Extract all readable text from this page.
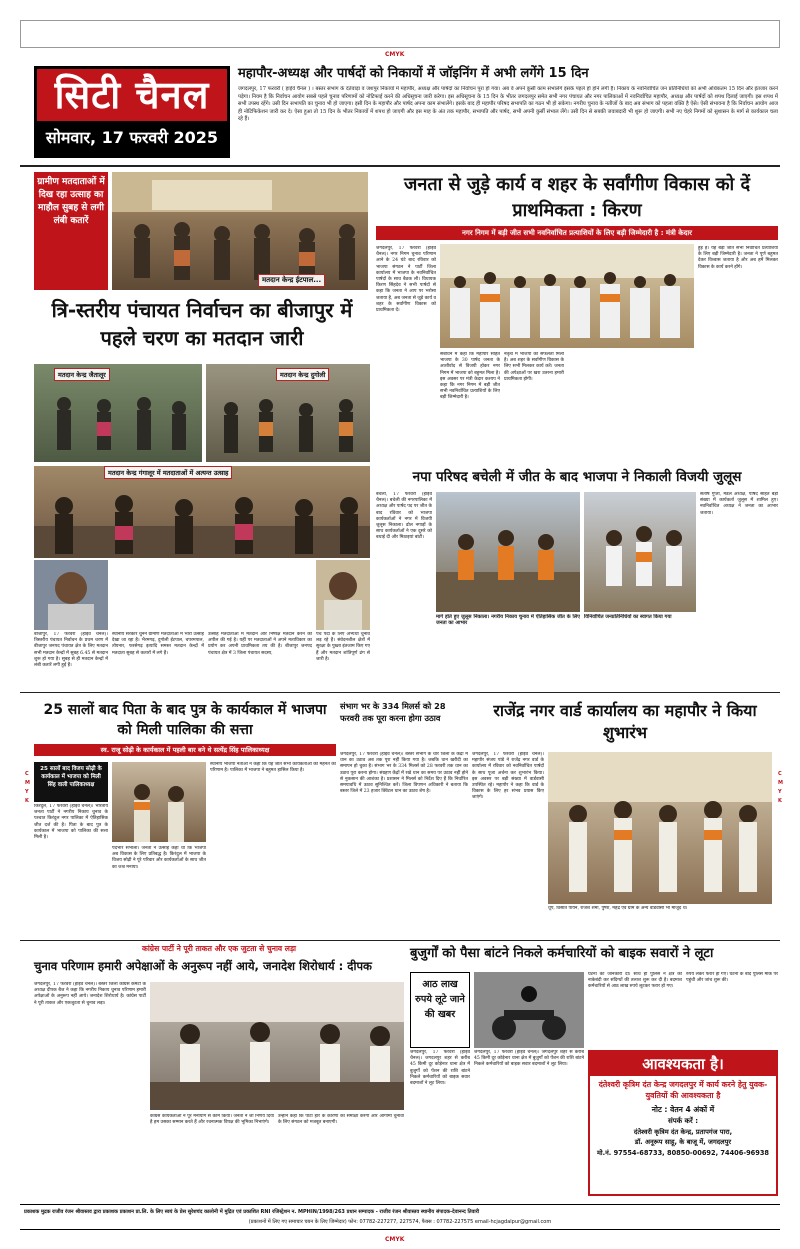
CMYK
सिटी चैनल
सोमवार, 17 फरवरी 2025
महापौर-अध्यक्ष और पार्षदों को निकायों में जॉइनिंग में अभी लगेंगे 15 दिन
जगदलपुर, 17 फरवरी ( हाईवे चैनल ) । बस्तर संभाग के दंतेवाड़ा व जशपुर निकायों में महापौर, अध्यक्ष और पार्षदों का निर्वाचन पूरा हो गया। अब वे अपने कुर्सी काम संभालेंगे इसके पहले हो होने लगी है। निकाय के नवनिर्वाचित जन प्रतिनिधियों को अभी अधिकतम 15 दिन और इंतजार करने पड़ेगा। नियम है कि निर्वाचन आयोग सबसे पहले चुनाव परिणामों को नोटिफाई करने की अधिसूचना जारी करेगा। इस अधिसूचना के 15 दिन के भीतर जगदलपुर समेत सभी नगर पंचायत और नगर पालिकाओं में नवनिर्वाचित महापौर, अध्यक्ष और पार्षदों को शपथ दिलाई जाएगी। इस शपथ में सभी उपस्थ रहेंगे। उसी दिन सभापति का चुनाव भी हो जाएगा। इसी दिन के महापौर और पार्षद अपना काम संभालेंगे। इसके बाद ही महापौर परिषद सभापति का गठन भी हो सकेगा। नगरीय चुनाव के नतीजों के बाद अब संभाग को पहला वक्ति है ऐसे। ऐसी संभावना है कि निर्वाचन आयोग आज ही नोटिफिकेशन जारी कर दे। ऐसा हुआ तो 15 दिन के भीतर निकायों में शपथ हो जाएगी और इस माह के अंत तक महापौर, सभापति और पार्षद, सभी अपनी कुर्सी संभाल लेंगे। उसी दिन से सबकी जवाबदारी भी शुरू हो जाएगी। सभी नए चेहरे निगमों को सुशासन के मार्ग से कार्यकाल चला रहे हैं।
ग्रामीण मतदाताओं में दिख रहा उत्साह का माहौल सुबह से लगी लंबी कतारें
मतदान केन्द्र ईटपाल...
त्रि-स्तरीय पंचायत निर्वाचन का बीजापुर में पहले चरण का मतदान जारी
मतदान केन्द्र जैतालूर	मतदान केन्द्र दुगोली
मतदान केन्द्र गंगालूर में मतदाताओं में अत्यन्त उत्साह
बीजापुर, 17 फरवरी (हाईवे चैनल)। त्रिस्तरीय पंचायत निर्वाचन के प्रथम चरण में बीजापुर जनपद पंचायत क्षेत्र के लिए मतदान सभी मतदान केन्द्रों में सुबह 6.45 से मतदान शुरू हो गया है। सुबह से ही मतदान केन्द्रों में लंबी कतारें लगी हुई हैं।
स्थानीय सरकार चुनने ग्रामीण मतदाताओं में भारी उत्साह देखा जा रहा है। भैरमगढ़, दुगोली ईटपाल, चपरमपाल, तोयनार, फरसेगढ़ इत्यादि समस्त मतदान केन्द्रों में मतदाता सुबह से कतारों में लगे हैं।
उत्साह मतदाताओं में मतदान और निष्पक्ष मतदान करने की अपील की गई है। यहीं पर मतदाताओं ने अपने मताधिकार का प्रयोग कर अपनी प्राथमिकता तय की है। बीजापुर जनपद पंचायत क्षेत्र में 3 जिला पंचायत सदस्य,
पंच पदों के लिए अभ्यर्थी चुनाव लड़ रहे हैं। संवेदनशील क्षेत्रों में सुरक्षा के पुख्ता इंतजाम किए गए हैं और मतदान शांतिपूर्ण ढंग से जारी है।
जनता से जुड़े कार्य व शहर के सर्वांगीण विकास को दें प्राथमिकता : किरण
नगर निगम में बड़ी जीत सभी नवनिर्वाचित प्रत्याशियों के लिए बड़ी जिम्मेदारी है : मंत्री केदार
जगदलपुर, 17 फरवरी (हाईवे चैनल)। नगर निगम चुनाव परिणाम आने के 24 घंटे बाद रविवार को भाजपा संगठन ने पार्टी जिला कार्यालय में भाजपा के नवनिर्वाचित पार्षदों के साथ बैठक ली। विधायक किरण सिंहदेव ने सभी पार्षदों से कहा कि जनता ने आप पर भरोसा जताया है, अब जनता से जुड़े कार्य व शहर के सर्वांगीण विकास को प्राथमिकता दें।
संबोधन में कहा कि महापौर सहित भाजपा के 30 पार्षद जनता के आशीर्वाद से विजयी होकर नगर निगम में भाजपा को बहुमत मिला है। इस अवसर पर मंत्री केदार कश्यप ने कहा कि नगर निगम में बड़ी जीत सभी नवनिर्वाचित प्रत्याशियों के लिए बड़ी जिम्मेदारी है।
नेतृत्व में भाजपा को सफलता मिली है। अब शहर के सर्वांगीण विकास के लिए सभी मिलकर कार्य करें। जनता की अपेक्षाओं पर खरा उतरना हमारी प्राथमिकता होगी।
हुई है। यह बड़ी जीत सभी निर्वाचित प्रत्याशियों के लिए बड़ी जिम्मेदारी है। जनता ने पूर्ण बहुमत देकर विश्वास जताया है और अब हमें मिलकर विकास के कार्य करने होंगे।
नपा परिषद बचेली में जीत के बाद भाजपा ने निकाली विजयी जुलूस
बचेली, 17 फरवरी (हाईवे चैनल)। बचेली की नगरपालिका में अध्यक्ष और पार्षद पद पर जीत के बाद रविवार को भाजपा कार्यकर्ताओं ने नगर में विजयी जुलूस निकाला। ढोल नगाड़ों के साथ कार्यकर्ताओं ने एक दूसरे को बधाई दी और मिठाइयां बांटी।
मार्ग होते हुए जुलूस निकाला। नगरीय निकाय चुनाव में ऐतिहासिक जीत के लिए जनता का आभार
विनिर्वाचित जनप्रतिनिधियों का स्वागत किया गया
संतोष गुप्ता, मंडल अध्यक्ष, पार्षद सहित बड़ी संख्या में कार्यकर्ता जुलूस में शामिल हुए। नवनिर्वाचित अध्यक्ष ने जनता का आभार जताया।
25 सालों बाद पिता के बाद पुत्र के कार्यकाल में भाजपा को मिली पालिका की सत्ता
स्व. राजू सोढ़ी के कार्यकाल में पहली बार बने थे सत्येंद्र सिंह पालिकाध्यक्ष
25 सालों बाद विजय सोढ़ी के कार्यकाल में भाजपा को मिली सिंह वाली पालिकाध्यक्ष
किरंदुल, 17 फरवरी (हाईवे चैनल)। भारतीय जनता पार्टी ने नगरीय निकाय चुनाव के पश्चात किरंदुल नगर पालिका में ऐतिहासिक जीत दर्ज की है। पिता के बाद पुत्र के कार्यकाल में भाजपा को पालिका की सत्ता मिली है।
पदभार संभाला। जनता ने उत्साह कहा था कि भाजपा अब विकास के लिए प्रतिबद्ध है। किरंदुल में भाजपा के विजय सोढ़ी ने पूरे परिवार और कार्यकर्ताओं के साथ जीत का जश्न मनाया।
स्थानीय भाजपा नेताओं ने कहा कि यह जीत सभी कार्यकर्ताओं की मेहनत का परिणाम है। पालिका में भाजपा ने बहुमत हासिल किया है।
संभाग भर के 334 मिलर्स को 28 फरवरी तक पूरा करना होगा उठाव
जगदलपुर, 17 फरवरी (हाईवे चैनल)। बस्तर संभाग के चार जिलों के केंद्रों में धान का उठाव अब तक पूरा नहीं किया गया है। जबकि धान खरीदी का समापन हो चुका है। संभाग भर के 334 मिलर्स को 28 फरवरी तक धान का उठाव पूरा करना होगा। संग्रहण केंद्रों में रखे धान का समय पर उठाव नहीं होने से नुकसान की आशंका है। प्रशासन ने मिलर्स को निर्देश दिए हैं कि निर्धारित समयावधि में उठाव सुनिश्चित करें। जिला विपणन अधिकारी ने बताया कि बस्तर जिले में 23 हजार क्विंटल धान का उठाव शेष है।
राजेंद्र नगर वार्ड कार्यालय का महापौर ने किया शुभारंभ
जगदलपुर, 17 फरवरी (हाईवे चैनल)। महापौर संजय पांडे ने राजेंद्र नगर वार्ड के कार्यालय में रविवार को नवनिर्वाचित पार्षदों के साथ पूजा अर्चना कर शुभारंभ किया। इस अवसर पर बड़ी संख्या में वार्डवासी उपस्थित रहे। महापौर ने कहा कि वार्ड के विकास के लिए हर संभव प्रयास किए जाएंगे।
धूप, विसात पायन, राजेश शर्मा, पुष्पा, महेंद्र एवं ग्राम के अन्य वार्डवासी भी मौजूद थे।
C
M
Y
K
C
M
Y
K
कांग्रेस पार्टी ने पूरी ताकत और एक जुटता से चुनाव लड़ा
चुनाव परिणाम हमारी अपेक्षाओं के अनुरूप नहीं आये, जनादेश शिरोधार्य : दीपक
जगदलपुर, 17 फरवरी (हाईवे चैनल)। बस्तर जिला कांग्रेस कमेटी के अध्यक्ष दीपक बैज ने कहा कि नगरीय निकाय चुनाव परिणाम हमारी अपेक्षाओं के अनुरूप नहीं आये। जनादेश शिरोधार्य है। कांग्रेस पार्टी ने पूरी ताकत और एकजुटता से चुनाव लड़ा।
कांग्रेस कार्यकर्ताओं ने पूरे मनोयोग से काम किया। जनता ने जो निर्णय दिया है हम उसका सम्मान करते हैं और रचनात्मक विपक्ष की भूमिका निभाएंगे।
उन्होंने कहा कि पार्टी हार के कारणों की समीक्षा करेगी और आगामी चुनावों के लिए संगठन को मजबूत बनाएगी।
बुजुर्गों को पैसा बांटने निकले कर्मचारियों को बाइक सवारों ने लूटा
आठ लाख रुपये लूटे जाने की खबर
जगदलपुर, 17 फरवरी (हाईवे चैनल)। जगदलपुर शहर से करीब 45 किमी दूर कोड़ेनार थाना क्षेत्र में बुजुर्गों को पेंशन की राशि बांटने निकले कर्मचारियों को बाइक सवार बदमाशों ने लूट लिया।
घटना की जानकारी दी। साथ ही पुलिस ने क्षेत्र की नाकेबंदी कर संदिग्धों की तलाश शुरू कर दी है। बदमाश कर्मचारियों से आठ लाख रुपये लूटकर फरार हो गए।
रुपये लेकर फरार हो गए। घटना के बाद पुलिस मौके पर पहुंची और जांच शुरू की।
जगदलपुर, 17 फरवरी (हाईवे चैनल)। जगदलपुर शहर से करीब 45 किमी दूर कोड़ेनार थाना क्षेत्र में बुजुर्गों को पेंशन की राशि बांटने निकले कर्मचारियों को बाइक सवार बदमाशों ने लूट लिया।
आवश्यकता है।
दंतेश्वरी कृत्रिम दंत केन्द्र जगदलपुर में कार्य करने हेतु युवक-युवतियों की आवश्यकता है
नोट : वेतन 4 अंकों में
संपर्क करें :
दंतेश्वरी कृत्रिम दंत केन्द्र, प्रतापगंज पारा,
डॉ. अनूरूप साहू, के बाजू में, जगदलपुर
मो.नं. 97554-68733, 80850-00692, 74406-96938
प्रकाशक मुद्रक राजीव रंजन श्रीवास्तव द्वारा प्रकाशक प्रकाशन प्रा.लि. के लिए स्वयं के प्रेस सुरेशचंद कालोनी में मुद्रित एवं प्रकाशित RNI रजिस्ट्रेशन न. MPHIN/1998/263 प्रधान सम्पादक - राजीव रंजन श्रीवास्तव स्थानीय संपादक-देवानन्द तिवारी
(प्रकाशनों में लिए गए समाचार चयन के लिए जिम्मेदार) फोन: 07782-227277, 227574, फैक्स : 07782-227575 email-hcjagdalpur@gmail.com
CMYK
